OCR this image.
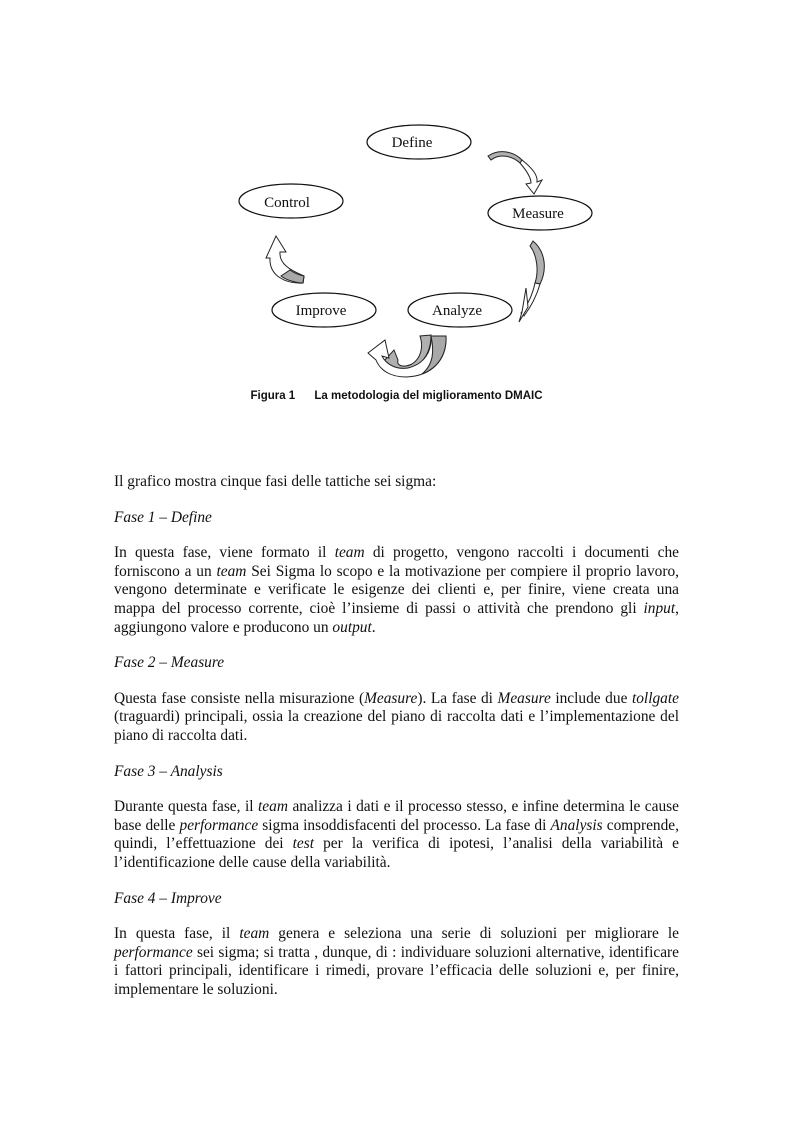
Define
Measure
Analyze
Improve
Control
Figura 1 La metodologia del miglioramento DMAIC

Il grafico mostra cinque fasi delle tattiche sei sigma:

Fase 1 – Define

In questa fase, viene formato il team di progetto, vengono raccolti i documenti che forniscono a un team Sei Sigma lo scopo e la motivazione per compiere il proprio lavoro, vengono determinate e verificate le esigenze dei clienti e, per finire, viene creata una mappa del processo corrente, cioè l’insieme di passi o attività che prendono gli input, aggiungono valore e producono un output.

Fase 2 – Measure

Questa fase consiste nella misurazione (Measure). La fase di Measure include due tollgate (traguardi) principali, ossia la creazione del piano di raccolta dati e l’implementazione del piano di raccolta dati.

Fase 3 – Analysis

Durante questa fase, il team analizza i dati e il processo stesso, e infine determina le cause base delle performance sigma insoddisfacenti del processo. La fase di Analysis comprende, quindi, l’effettuazione dei test per la verifica di ipotesi, l’analisi della variabilità e l’identificazione delle cause della variabilità.

Fase 4 – Improve

In questa fase, il team genera e seleziona una serie di soluzioni per migliorare le performance sei sigma; si tratta , dunque, di : individuare soluzioni alternative, identificare i fattori principali, identificare i rimedi, provare l’efficacia delle soluzioni e, per finire, implementare le soluzioni.
